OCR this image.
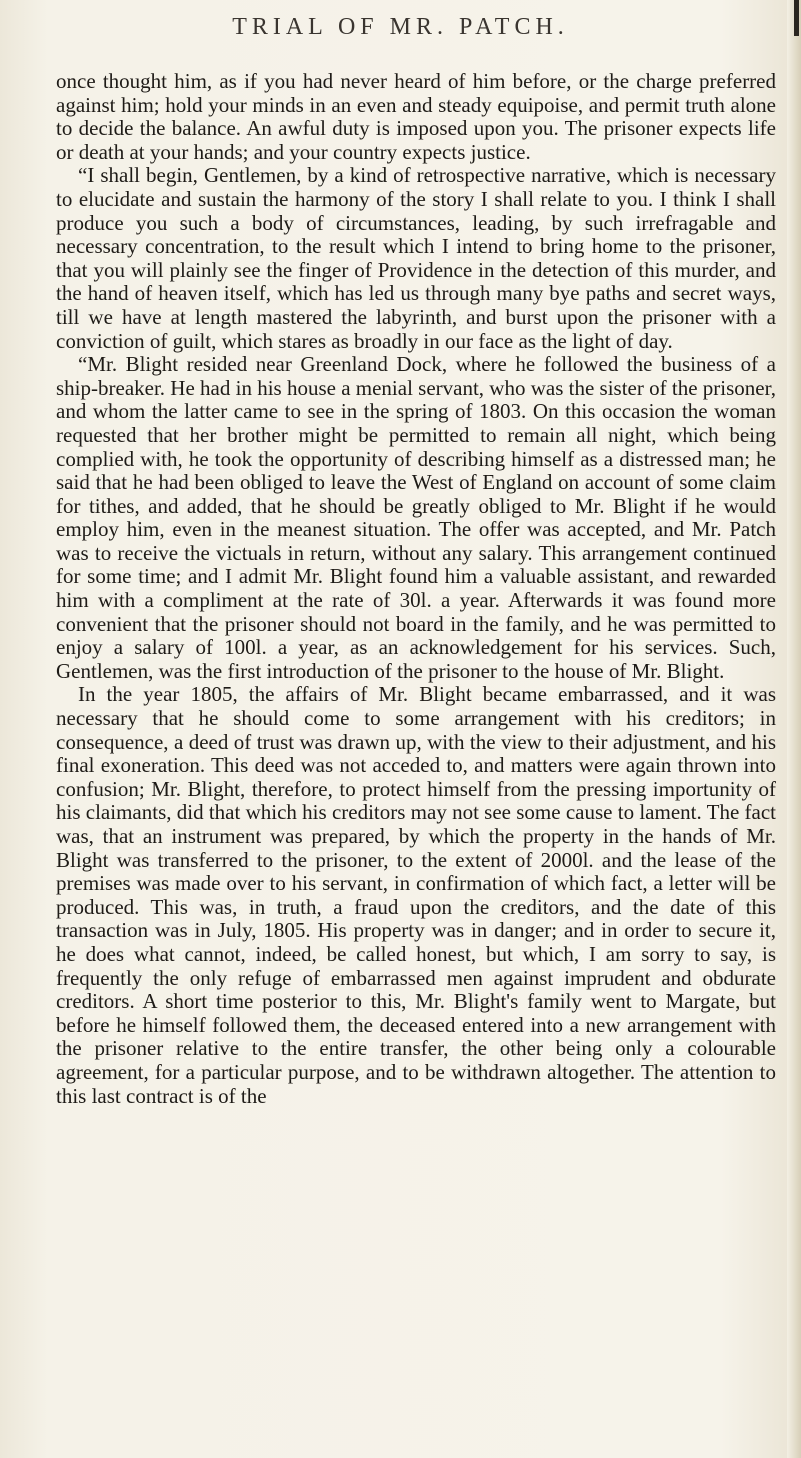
TRIAL OF MR. PATCH.

once thought him, as if you had never heard of him before, or the charge preferred against him; hold your minds in an even and steady equipoise, and permit truth alone to decide the balance. An awful duty is imposed upon you. The prisoner expects life or death at your hands; and your country expects justice.

“I shall begin, Gentlemen, by a kind of retrospective narrative, which is necessary to elucidate and sustain the harmony of the story I shall relate to you. I think I shall produce you such a body of circumstances, leading, by such irrefragable and necessary concentration, to the result which I intend to bring home to the prisoner, that you will plainly see the finger of Providence in the detection of this murder, and the hand of heaven itself, which has led us through many bye paths and secret ways, till we have at length mastered the labyrinth, and burst upon the prisoner with a conviction of guilt, which stares as broadly in our face as the light of day.

“Mr. Blight resided near Greenland Dock, where he followed the business of a ship-breaker. He had in his house a menial servant, who was the sister of the prisoner, and whom the latter came to see in the spring of 1803. On this occasion the woman requested that her brother might be permitted to remain all night, which being complied with, he took the opportunity of describing himself as a distressed man; he said that he had been obliged to leave the West of England on account of some claim for tithes, and added, that he should be greatly obliged to Mr. Blight if he would employ him, even in the meanest situation. The offer was accepted, and Mr. Patch was to receive the victuals in return, without any salary. This arrangement continued for some time; and I admit Mr. Blight found him a valuable assistant, and rewarded him with a compliment at the rate of 30l. a year. Afterwards it was found more convenient that the prisoner should not board in the family, and he was permitted to enjoy a salary of 100l. a year, as an acknowledgement for his services. Such, Gentlemen, was the first introduction of the prisoner to the house of Mr. Blight.

In the year 1805, the affairs of Mr. Blight became embarrassed, and it was necessary that he should come to some arrangement with his creditors; in consequence, a deed of trust was drawn up, with the view to their adjustment, and his final exoneration. This deed was not acceded to, and matters were again thrown into confusion; Mr. Blight, therefore, to protect himself from the pressing importunity of his claimants, did that which his creditors may not see some cause to lament. The fact was, that an instrument was prepared, by which the property in the hands of Mr. Blight was transferred to the prisoner, to the extent of 2000l. and the lease of the premises was made over to his servant, in confirmation of which fact, a letter will be produced. This was, in truth, a fraud upon the creditors, and the date of this transaction was in July, 1805. His property was in danger; and in order to secure it, he does what cannot, indeed, be called honest, but which, I am sorry to say, is frequently the only refuge of embarrassed men against imprudent and obdurate creditors. A short time posterior to this, Mr. Blight's family went to Margate, but before he himself followed them, the deceased entered into a new arrangement with the prisoner relative to the entire transfer, the other being only a colourable agreement, for a particular purpose, and to be withdrawn altogether. The attention to this last contract is of the
